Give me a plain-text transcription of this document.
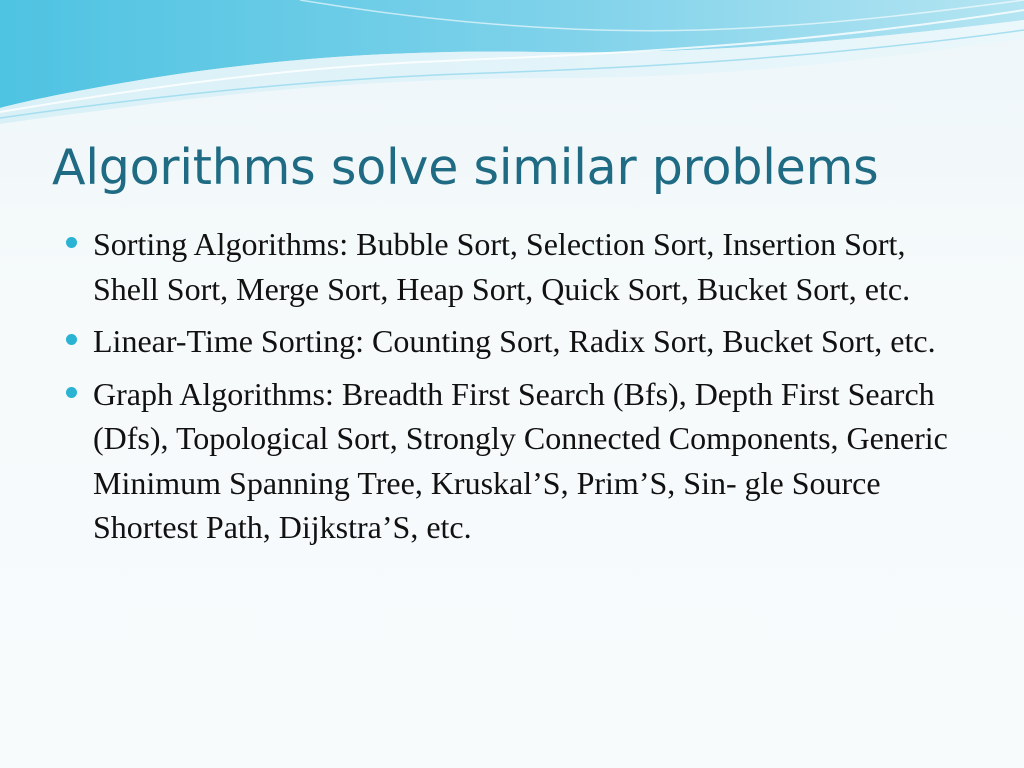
Algorithms solve similar problems
Sorting Algorithms: Bubble Sort, Selection Sort, Insertion Sort, Shell Sort, Merge Sort, Heap Sort, Quick Sort, Bucket Sort, etc.
Linear-Time Sorting: Counting Sort, Radix Sort, Bucket Sort, etc.
Graph Algorithms: Breadth First Search (Bfs), Depth First Search (Dfs), Topological Sort, Strongly Connected Components, Generic Minimum Spanning Tree, Kruskal’S, Prim’S, Sin- gle Source Shortest Path, Dijkstra’S, etc.
